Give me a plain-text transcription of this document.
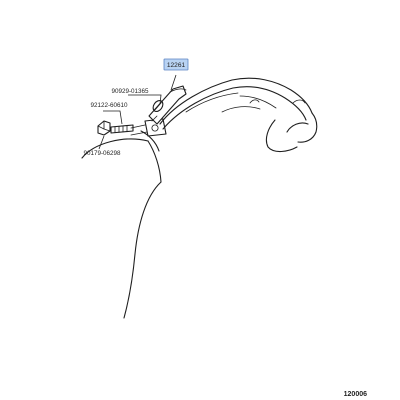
12261
90929-01365
92122-60610
90179-06298
120006
